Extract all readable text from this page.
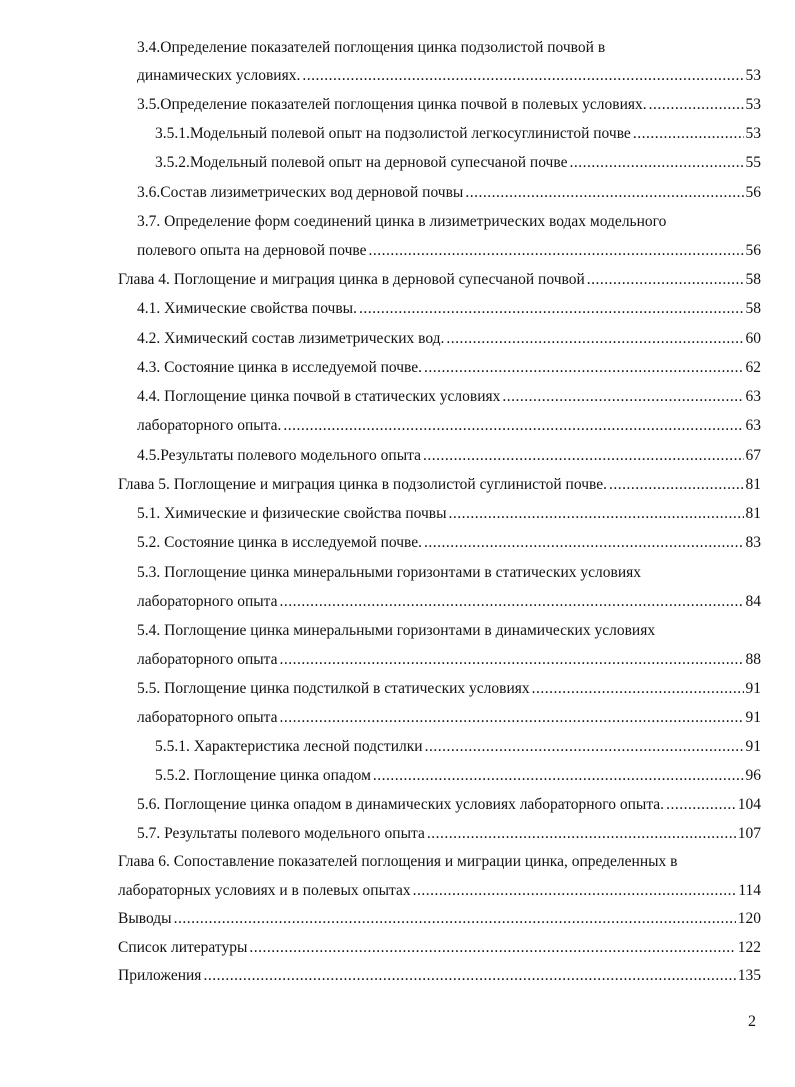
3.4.Определение показателей поглощения цинка подзолистой почвой в
динамических условиях. .....	53
3.5.Определение показателей поглощения цинка почвой в полевых условиях. .....	53
3.5.1.Модельный полевой опыт на подзолистой легкосуглинистой почве .....	53
3.5.2.Модельный полевой опыт на дерновой супесчаной почве .....	55
3.6.Состав лизиметрических вод дерновой почвы .....	56
3.7. Определение форм соединений цинка в лизиметрических водах модельного
полевого опыта на дерновой почве .....	56
Глава 4. Поглощение и миграция цинка в дерновой супесчаной почвой .....	58
4.1. Химические свойства почвы. .....	58
4.2. Химический состав лизиметрических вод. .....	60
4.3. Состояние цинка в исследуемой почве. .....	62
4.4. Поглощение цинка почвой в статических условиях .....	63
лабораторного опыта. .....	63
4.5.Результаты полевого модельного опыта .....	67
Глава 5. Поглощение и миграция цинка в подзолистой суглинистой почве. .....	81
5.1. Химические и физические свойства почвы .....	81
5.2. Состояние цинка в исследуемой почве. .....	83
5.3. Поглощение цинка минеральными горизонтами в статических условиях
лабораторного опыта .....	84
5.4. Поглощение цинка минеральными горизонтами в динамических условиях
лабораторного опыта .....	88
5.5. Поглощение цинка подстилкой в статических условиях .....	91
лабораторного опыта .....	91
5.5.1. Характеристика лесной подстилки .....	91
5.5.2. Поглощение цинка опадом .....	96
5.6. Поглощение цинка опадом в динамических условиях лабораторного опыта. .....	104
5.7. Результаты полевого модельного опыта .....	107
Глава 6. Сопоставление показателей поглощения и миграции цинка, определенных в
лабораторных условиях и в полевых опытах .....	114
Выводы .....	120
Список литературы .....	122
Приложения .....	135
2
